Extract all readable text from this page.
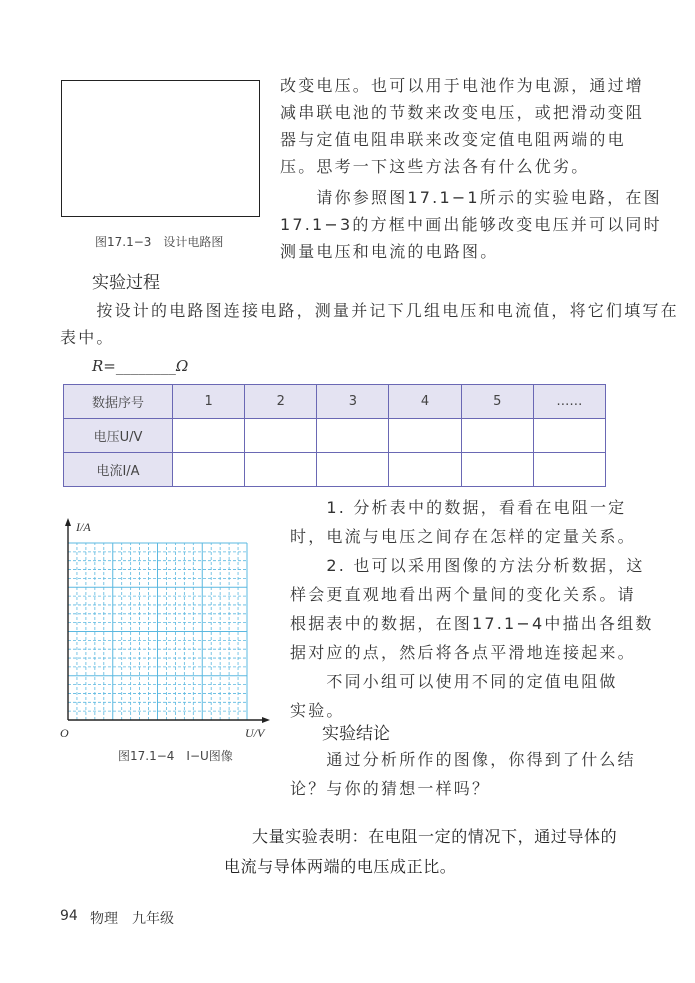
图17.1−3　设计电路图

改变电压。也可以用于电池作为电源，通过增

减串联电池的节数来改变电压，或把滑动变阻

器与定值电阻串联来改变定值电阻两端的电

压。思考一下这些方法各有什么优劣。

　　请你参照图17.1−1所示的实验电路，在图

17.1−3的方框中画出能够改变电压并可以同时

测量电压和电流的电路图。

实验过程

　　按设计的电路图连接电路，测量并记下几组电压和电流值，将它们填写在

表中。

R=________Ω
数据序号	1	2	3	4	5	……
电压U/V						
电流I/A						
I/A
O	U/V
图17.1−4　I−U图像

　　1. 分析表中的数据，看看在电阻一定

时，电流与电压之间存在怎样的定量关系。

　　2. 也可以采用图像的方法分析数据，这

样会更直观地看出两个量间的变化关系。请

根据表中的数据，在图17.1−4中描出各组数

据对应的点，然后将各点平滑地连接起来。

　　不同小组可以使用不同的定值电阻做

实验。

实验结论

　　通过分析所作的图像，你得到了什么结

论？与你的猜想一样吗？

大量实验表明：在电阻一定的情况下，通过导体的
电流与导体两端的电压成正比。
94 物理　九年级
